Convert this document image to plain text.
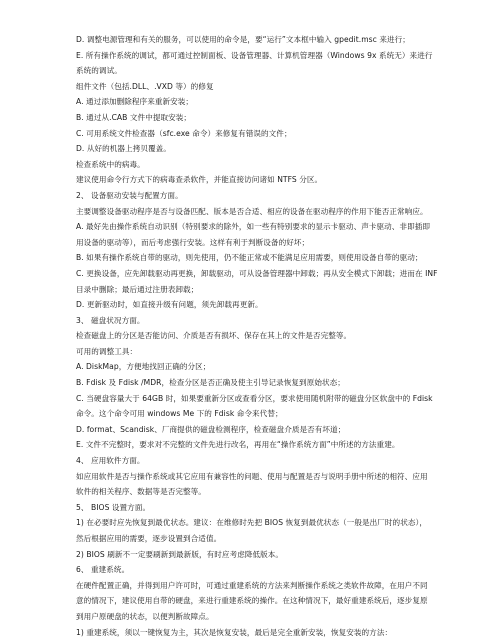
D. 调整电源管理和有关的服务，可以使用的命令是，要“运行”文本框中输入 gpedit.msc 来进行；
E. 所有操作系统的调试，都可通过控制面板、设备管理器、计算机管理器（Windows 9x 系统无）来进行
系统的调试。
组件文件（包括.DLL、.VXD 等）的修复
A. 通过添加删除程序来重新安装；
B. 通过从.CAB 文件中提取安装；
C. 可用系统文件检查器（sfc.exe 命令）来修复有错误的文件；
D. 从好的机器上拷贝覆盖。
检查系统中的病毒。
建议使用命令行方式下的病毒查杀软件，并能直接访问诸如 NTFS 分区。
2、 设备驱动安装与配置方面。
主要调整设备驱动程序是否与设备匹配、版本是否合适、相应的设备在驱动程序的作用下能否正常响应。
A. 最好先由操作系统自动识别（特别要求的除外，如一些有特别要求的显示卡驱动、声卡驱动、非即插即
用设备的驱动等），而后考虑强行安装。这样有利于判断设备的好坏；
B. 如果有操作系统自带的驱动，则先使用，仍不能正常或不能满足应用需要，则使用设备自带的驱动；
C. 更换设备，应先卸载驱动再更换，卸载驱动，可从设备管理器中卸载；再从安全模式下卸载；进而在 INF
目录中删除；最后通过注册表卸载；
D. 更新驱动时，如直接升级有问题，须先卸载再更新。
3、 磁盘状况方面。
检查磁盘上的分区是否能访问、介质是否有损坏、保存在其上的文件是否完整等。
可用的调整工具：
A. DiskMap，方便地找回正确的分区；
B. Fdisk 及 Fdisk /MDR，检查分区是否正确及使主引导记录恢复到原始状态；
C. 当硬盘容量大于 64GB 时，如果要重新分区或查看分区，要求使用随机附带的磁盘分区软盘中的 Fdisk
命令。这个命令可用 windows Me 下的 Fdisk 命令来代替；
D. format、Scandisk、厂商提供的磁盘检测程序，检查磁盘介质是否有坏道；
E. 文件不完整时，要求对不完整的文件先进行改名，再用在“操作系统方面”中所述的方法重建。
4、 应用软件方面。
如应用软件是否与操作系统或其它应用有兼容性的问题、使用与配置是否与说明手册中所述的相符、应用
软件的相关程序、数据等是否完整等。
5、 BIOS 设置方面。
1) 在必要时应先恢复到最优状态。建议：在维修时先把 BIOS 恢复到最优状态（一般是出厂时的状态），
然后根据应用的需要，逐步设置到合适值。
2) BIOS 刷新不一定要刷新到最新版，有时应考虑降低版本。
6、 重建系统。
在硬件配置正确，并得到用户许可时，可通过重建系统的方法来判断操作系统之类软件故障，在用户不同
意的情况下，建议使用自带的硬盘，来进行重建系统的操作。在这种情况下，最好重建系统后，逐步复原
到用户原硬盘的状态，以便判断故障点。
1) 重建系统，须以一键恢复为主，其次是恢复安装，最后是完全重新安装，恢复安装的方法：
